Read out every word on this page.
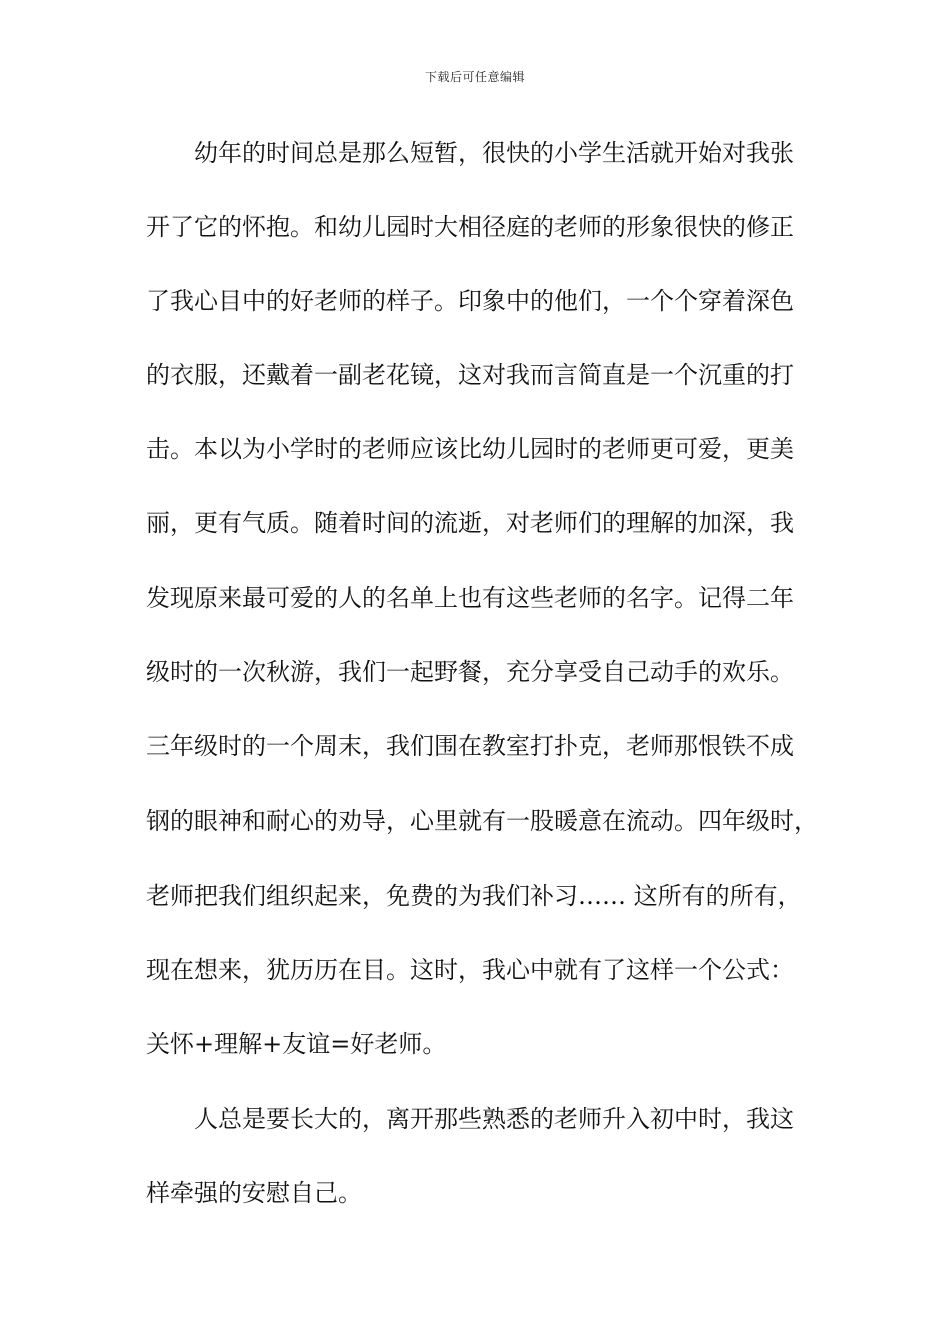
下载后可任意编辑
幼年的时间总是那么短暂，很快的小学生活就开始对我张
开了它的怀抱。和幼儿园时大相径庭的老师的形象很快的修正
了我心目中的好老师的样子。印象中的他们，一个个穿着深色
的衣服，还戴着一副老花镜，这对我而言简直是一个沉重的打
击。本以为小学时的老师应该比幼儿园时的老师更可爱，更美
丽，更有气质。随着时间的流逝，对老师们的理解的加深，我
发现原来最可爱的人的名单上也有这些老师的名字。记得二年
级时的一次秋游，我们一起野餐，充分享受自己动手的欢乐。
三年级时的一个周末，我们围在教室打扑克，老师那恨铁不成
钢的眼神和耐心的劝导，心里就有一股暖意在流动。四年级时，
老师把我们组织起来，免费的为我们补习…… 这所有的所有，
现在想来，犹历历在目。这时，我心中就有了这样一个公式：
关怀+理解+友谊=好老师。
人总是要长大的，离开那些熟悉的老师升入初中时，我这
样牵强的安慰自己。
